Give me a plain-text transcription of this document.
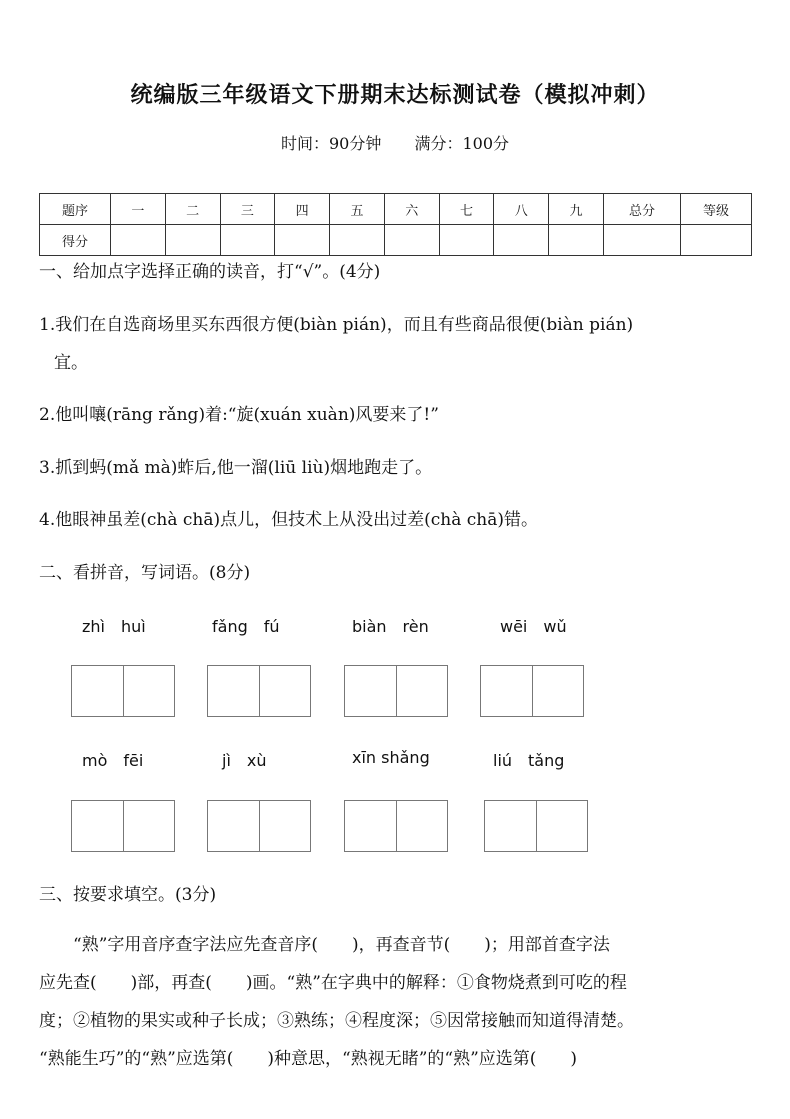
统编版三年级语文下册期末达标测试卷（模拟冲刺）
时间：90分钟 满分：100分
题序	一	二	三	四	五	六	七	八	九	总分	等级
得分											
一、给加点字选择正确的读音，打“√”。(4分)
1.我们在自选商场里买东西很方便(biàn pián)，而且有些商品很便(biàn pián)
宜。
2.他叫嚷(rāng rǎng)着:“旋(xuán xuàn)风要来了!”
3.抓到蚂(mǎ mà)蚱后,他一溜(liū liù)烟地跑走了。
4.他眼神虽差(chà chā)点儿，但技术上从没出过差(chà chā)错。
二、看拼音，写词语。(8分)
zhì　huì	fǎng　fú	biàn　rèn	wēi　wǔ
mò　fēi	jì　xù	xīn shǎng	liú　tǎng
三、按要求填空。(3分)
　　“熟”字用音序查字法应先查音序(　　)，再查音节(　　)；用部首查字法
应先查(　　)部，再查(　　)画。“熟”在字典中的解释：①食物烧煮到可吃的程
度；②植物的果实或种子长成；③熟练；④程度深；⑤因常接触而知道得清楚。
“熟能生巧”的“熟”应选第(　　)种意思，“熟视无睹”的“熟”应选第(　　)
